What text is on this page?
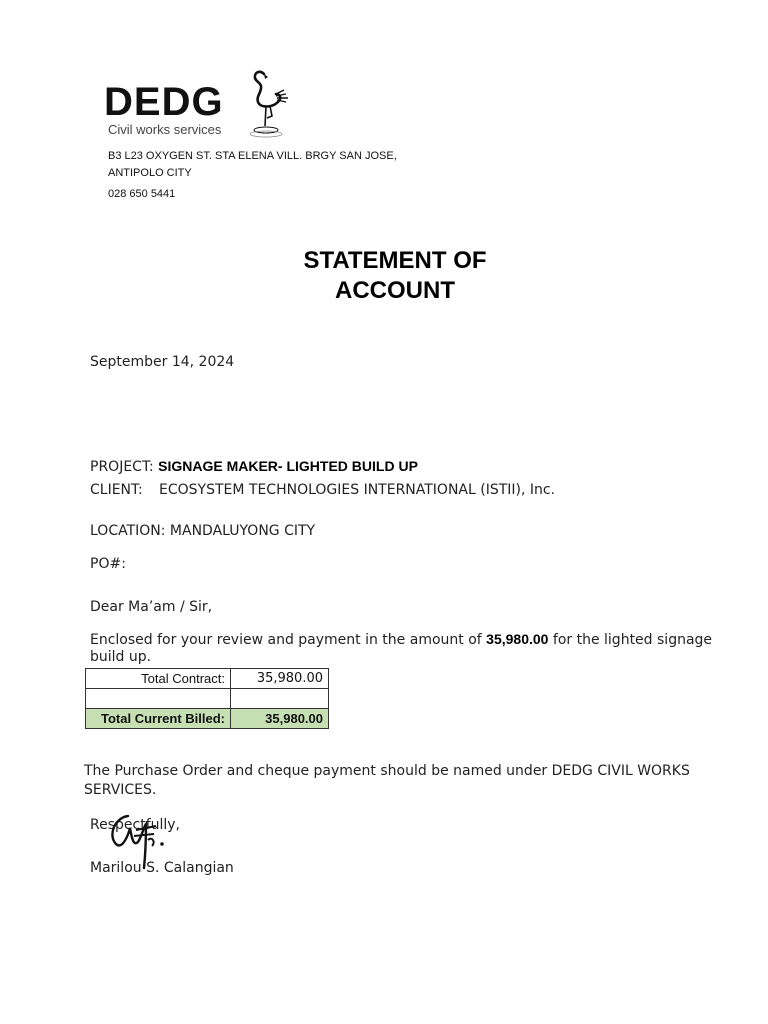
DEDG
Civil works services
B3 L23 OXYGEN ST. STA ELENA VILL. BRGY SAN JOSE,
ANTIPOLO CITY
028 650 5441
STATEMENT OF
ACCOUNT
September 14, 2024
PROJECT: SIGNAGE MAKER- LIGHTED BUILD UP
CLIENT: ECOSYSTEM TECHNOLOGIES INTERNATIONAL (ISTII), Inc.
LOCATION: MANDALUYONG CITY
PO#:
Dear Ma’am / Sir,
Enclosed for your review and payment in the amount of 35,980.00 for the lighted signage build up.
Total Contract:	35,980.00

Total Current Billed:	35,980.00
The Purchase Order and cheque payment should be named under DEDG CIVIL WORKS SERVICES.
Respectfully,
Marilou S. Calangian
